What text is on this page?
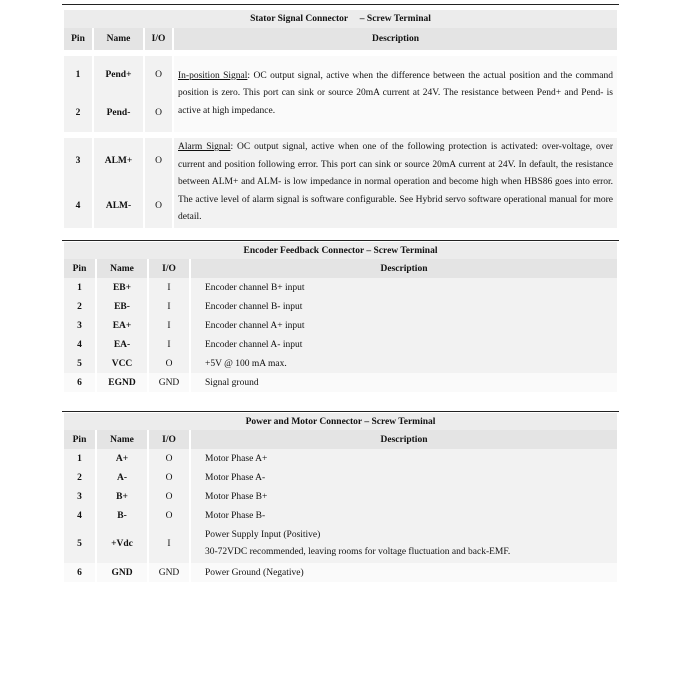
Stator Signal Connector     – Screw Terminal			
Pin	Name	I/O	Description

1	Pend+	O	In-position Signal: OC output signal, active when the difference between the actual position and the command position is zero. This port can sink or source 20mA current at 24V. The resistance between Pend+ and Pend- is active at high impedance.

2	Pend-	O	

3	ALM+	O	Alarm Signal: OC output signal, active when one of the following protection is activated: over-voltage, over current and position following error. This port can sink or source 20mA current at 24V. In default, the resistance between ALM+ and ALM- is low impedance in normal operation and become high when HBS86 goes into error. The active level of alarm signal is software configurable. See Hybrid servo software operational manual for more detail.

4	ALM-	O	
Encoder Feedback Connector – Screw Terminal			
Pin	Name	I/O	Description
1	EB+	I	Encoder channel B+ input
2	EB-	I	Encoder channel B- input
3	EA+	I	Encoder channel A+ input
4	EA-	I	Encoder channel A- input
5	VCC	O	+5V @ 100 mA max.
6	EGND	GND	Signal ground
Power and Motor Connector – Screw Terminal			
Pin	Name	I/O	Description
1	A+	O	Motor Phase A+
2	A-	O	Motor Phase A-
3	B+	O	Motor Phase B+
4	B-	O	Motor Phase B-
5	+Vdc	I	Power Supply Input (Positive)
30-72VDC recommended, leaving rooms for voltage fluctuation and back-EMF.

6	GND	GND	Power Ground (Negative)
